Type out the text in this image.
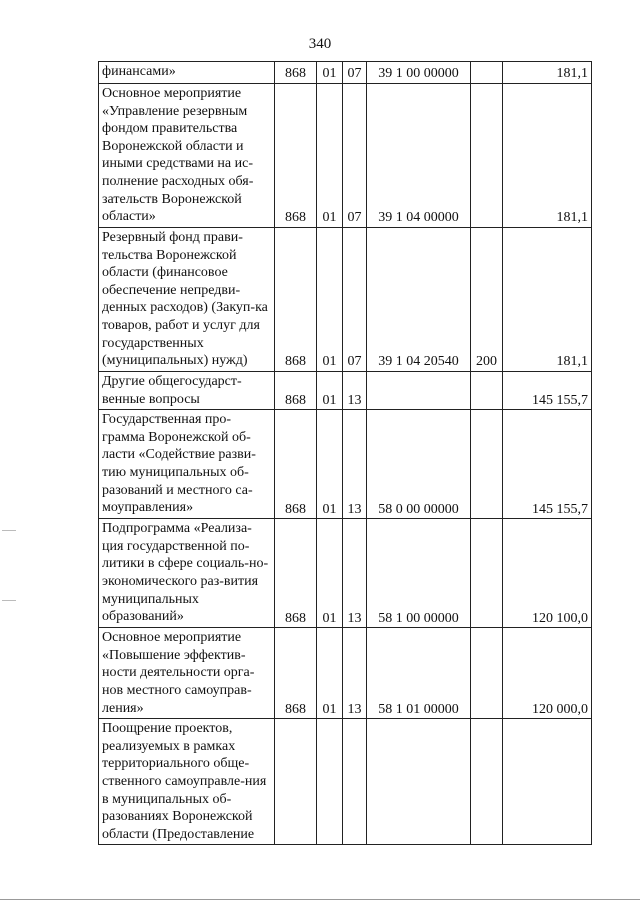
340
финансами»	868	01	07	39 1 00 00000		181,1
Основное мероприятие «Управление резервным фондом правительства Воронежской области и иными средствами на ис-полнение расходных обя-зательств Воронежской области»	868	01	07	39 1 04 00000		181,1
Резервный фонд прави-тельства Воронежской области (финансовое обеспечение непредви-денных расходов) (Закуп-ка товаров, работ и услуг для государственных (муниципальных) нужд)	868	01	07	39 1 04 20540	200	181,1
Другие общегосударст-венные вопросы	868	01	13			145 155,7
Государственная про-грамма Воронежской об-ласти «Содействие разви-тию муниципальных об-разований и местного са-моуправления»	868	01	13	58 0 00 00000		145 155,7
Подпрограмма «Реализа-ция государственной по-литики в сфере социаль-но-экономического раз-вития муниципальных образований»	868	01	13	58 1 00 00000		120 100,0
Основное мероприятие «Повышение эффектив-ности деятельности орга-нов местного самоуправ-ления»	868	01	13	58 1 01 00000		120 000,0
Поощрение проектов, реализуемых в рамках территориального обще-ственного самоуправле-ния в муниципальных об-разованиях Воронежской области (Предоставление						
